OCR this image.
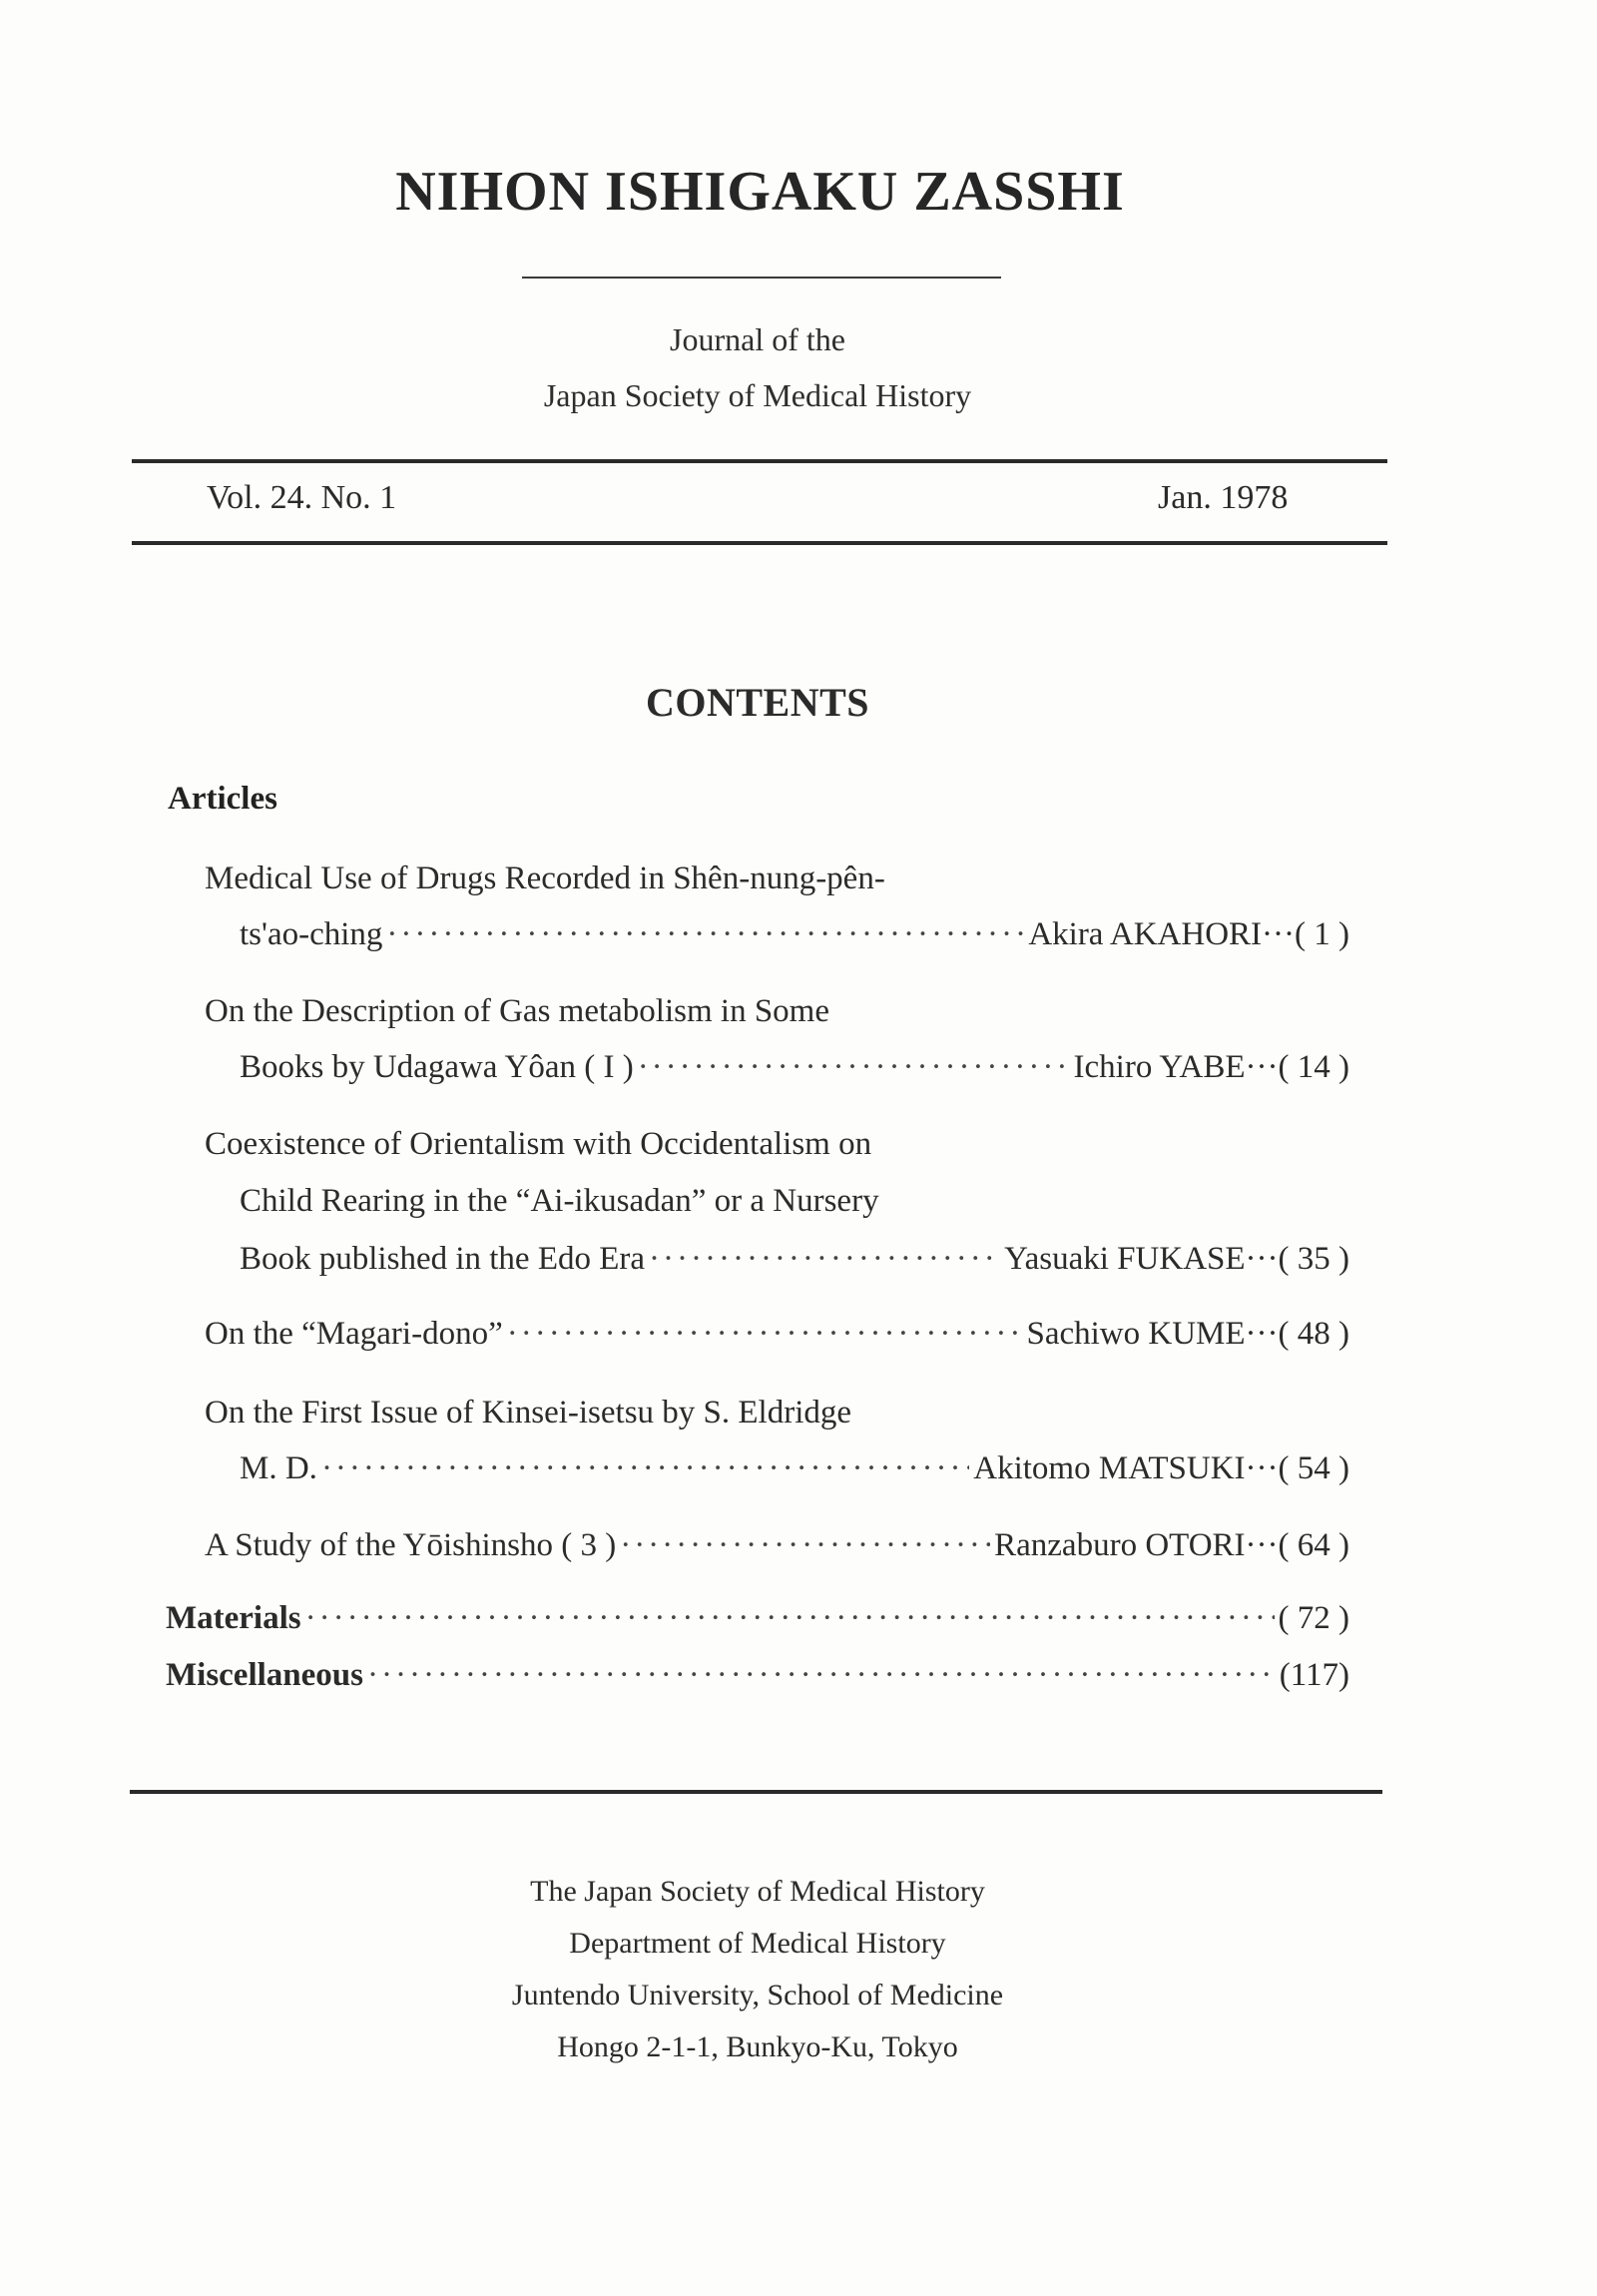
NIHON ISHIGAKU ZASSHI
Journal of the
Japan Society of Medical History
Vol. 24. No. 1	Jan. 1978
CONTENTS
Articles
Medical Use of Drugs Recorded in Shên-nung-pên-
ts'ao-ching ·····	Akira AKAHORI ··· ( 1 )
On the Description of Gas metabolism in Some
Books by Udagawa Yôan ( I ) ·····	Ichiro YABE ··· ( 14 )
Coexistence of Orientalism with Occidentalism on
Child Rearing in the “Ai-ikusadan” or a Nursery
Book published in the Edo Era ·····	Yasuaki FUKASE ··· ( 35 )
On the “Magari-dono” ·····	Sachiwo KUME ··· ( 48 )
On the First Issue of Kinsei-isetsu by S. Eldridge
M. D. ·····	Akitomo MATSUKI ··· ( 54 )
A Study of the Yōishinsho ( 3 ) ·····	Ranzaburo OTORI ··· ( 64 )
Materials ·····	( 72 )
Miscellaneous ·····	(117)
The Japan Society of Medical History
Department of Medical History
Juntendo University, School of Medicine
Hongo 2-1-1, Bunkyo-Ku, Tokyo
